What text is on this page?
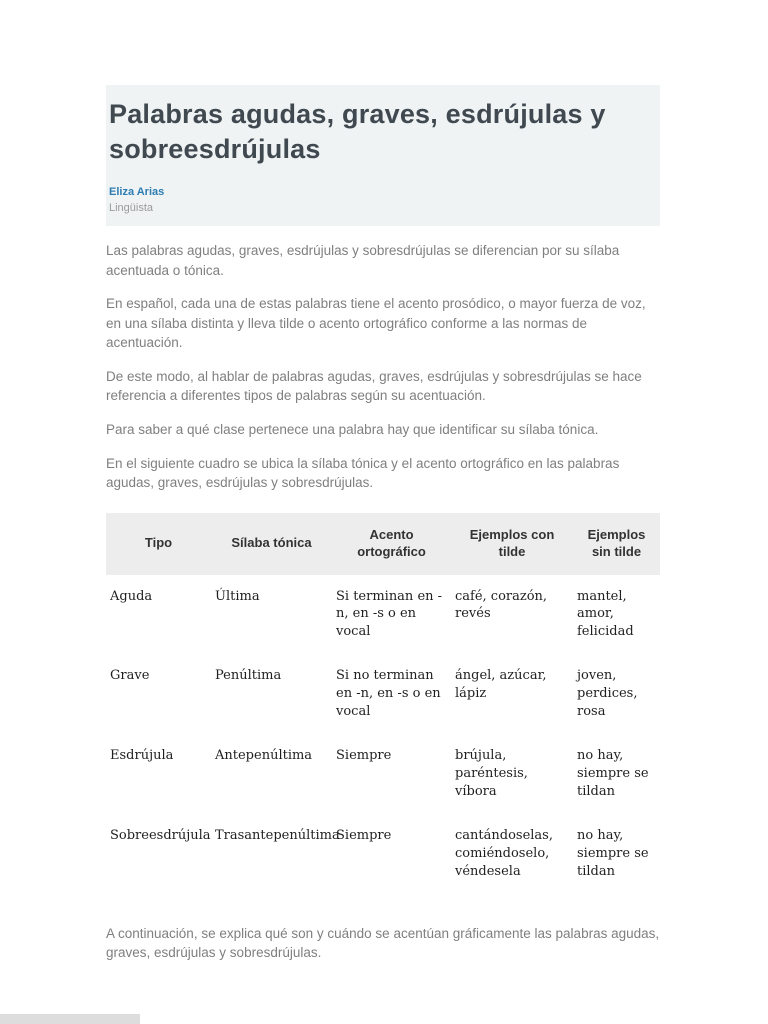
Palabras agudas, graves, esdrújulas y sobreesdrújulas
Eliza Arias
Lingüista

Las palabras agudas, graves, esdrújulas y sobresdrújulas se diferencian por su sílaba acentuada o tónica.

En español, cada una de estas palabras tiene el acento prosódico, o mayor fuerza de voz, en una sílaba distinta y lleva tilde o acento ortográfico conforme a las normas de acentuación.

De este modo, al hablar de palabras agudas, graves, esdrújulas y sobresdrújulas se hace referencia a diferentes tipos de palabras según su acentuación.

Para saber a qué clase pertenece una palabra hay que identificar su sílaba tónica.

En el siguiente cuadro se ubica la sílaba tónica y el acento ortográfico en las palabras agudas, graves, esdrújulas y sobresdrújulas.

Tipo	Sílaba tónica	Acento ortográfico	Ejemplos con tilde	Ejemplos sin tilde
Aguda	Última	Si terminan en -n, en -s o en vocal	café, corazón, revés	mantel, amor, felicidad
Grave	Penúltima	Si no terminan en -n, en -s o en vocal	ángel, azúcar, lápiz	joven, perdices, rosa
Esdrújula	Antepenúltima	Siempre	brújula, paréntesis, víbora	no hay, siempre se tildan
Sobreesdrújula	Trasantepenúltima	Siempre	cantándoselas, comiéndoselo, véndesela	no hay, siempre se tildan

A continuación, se explica qué son y cuándo se acentúan gráficamente las palabras agudas, graves, esdrújulas y sobresdrújulas.
